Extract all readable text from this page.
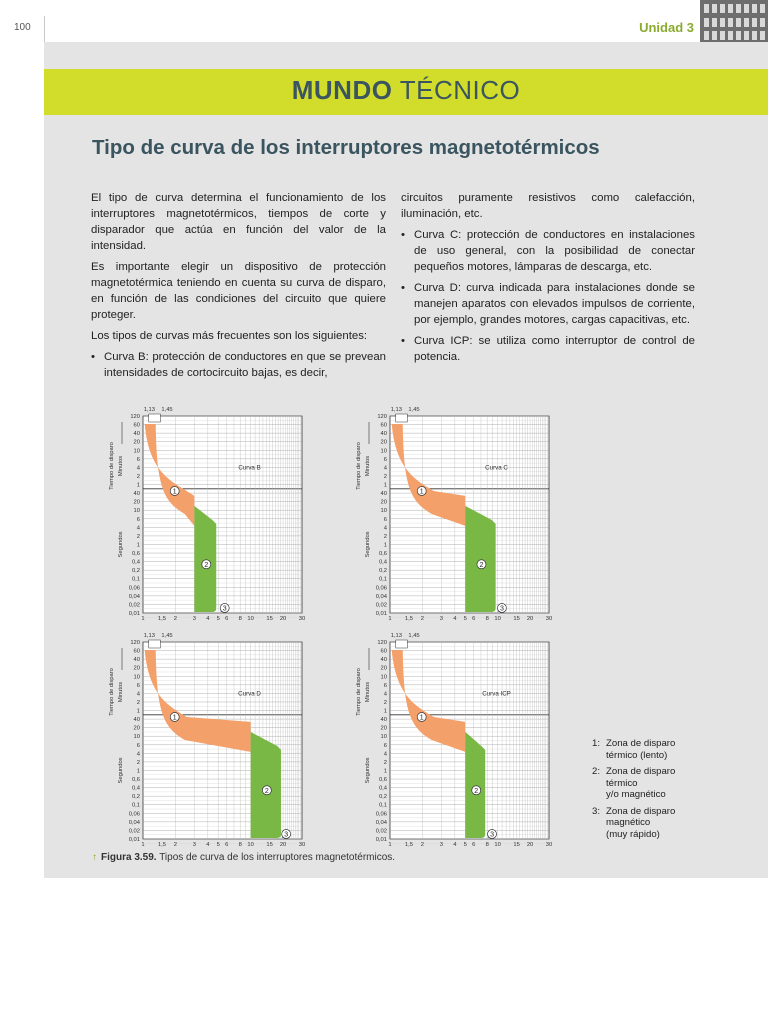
100	Unidad 3
MUNDO TÉCNICO
Tipo de curva de los interruptores magnetotérmicos

El tipo de curva determina el funcionamiento de los interruptores magnetotérmicos, tiempos de corte y disparador que actúa en función del valor de la intensidad.

Es importante elegir un dispositivo de protección magnetotérmica teniendo en cuenta su curva de disparo, en función de las condiciones del circuito que quiere proteger.

Los tipos de curvas más frecuentes son los siguientes:

• Curva B: protección de conductores en que se prevean intensidades de cortocircuito bajas, es decir,

circuitos puramente resistivos como calefacción, iluminación, etc.

• Curva C: protección de conductores en instalaciones de uso general, con la posibilidad de conectar pequeños motores, lámparas de descarga, etc.
• Curva D: curva indicada para instalaciones donde se manejen aparatos con elevados impulsos de corriente, por ejemplo, grandes motores, cargas capacitivas, etc.
• Curva ICP: se utiliza como interruptor de control de potencia.
1
2
3
1,13 1,45
120
60
40
20
10
6
4
2
1
40
20
10
6
4
2
1
0,6
0,4
0,2
0,1
0,06
0,04
0,02
0,01
1 1,5 2	3 4 5 6 8 10 15 20 30
Tiempo de disparo Minutos
Segundos
Curva B
1
2
3
1,13 1,45
120
60
40
20
10
6
4
2
1
40
20
10
6
4
2
1
0,6
0,4
0,2
0,1
0,06
0,04
0,02
0,01
1 1,5 2	3 4 5 6 8 10 15 20 30
Tiempo de disparo Minutos
Segundos
Curva C
1
2
3
1,13 1,45
120
60
40
20
10
6
4
2
1
40
20
10
6
4
2
1
0,6
0,4
0,2
0,1
0,06
0,04
0,02
0,01
1 1,5 2	3 4 5 6 8 10 15 20 30
Tiempo de disparo Minutos
Segundos
Curva D
1
2
3
1,13 1,45
120
60
40
20
10
6
4
2
1
40
20
10
6
4
2
1
0,6
0,4
0,2
0,1
0,06
0,04
0,02
0,01
1 1,5 2	3 4 5 6 8 10 15 20 30
Tiempo de disparo Minutos
Segundos
Curva ICP
1: Zona de disparo
térmico (lento)
2: Zona de disparo
térmico
y/o magnético
3: Zona de disparo
magnético
(muy rápido)
↑ Figura 3.59. Tipos de curva de los interruptores magnetotérmicos.
